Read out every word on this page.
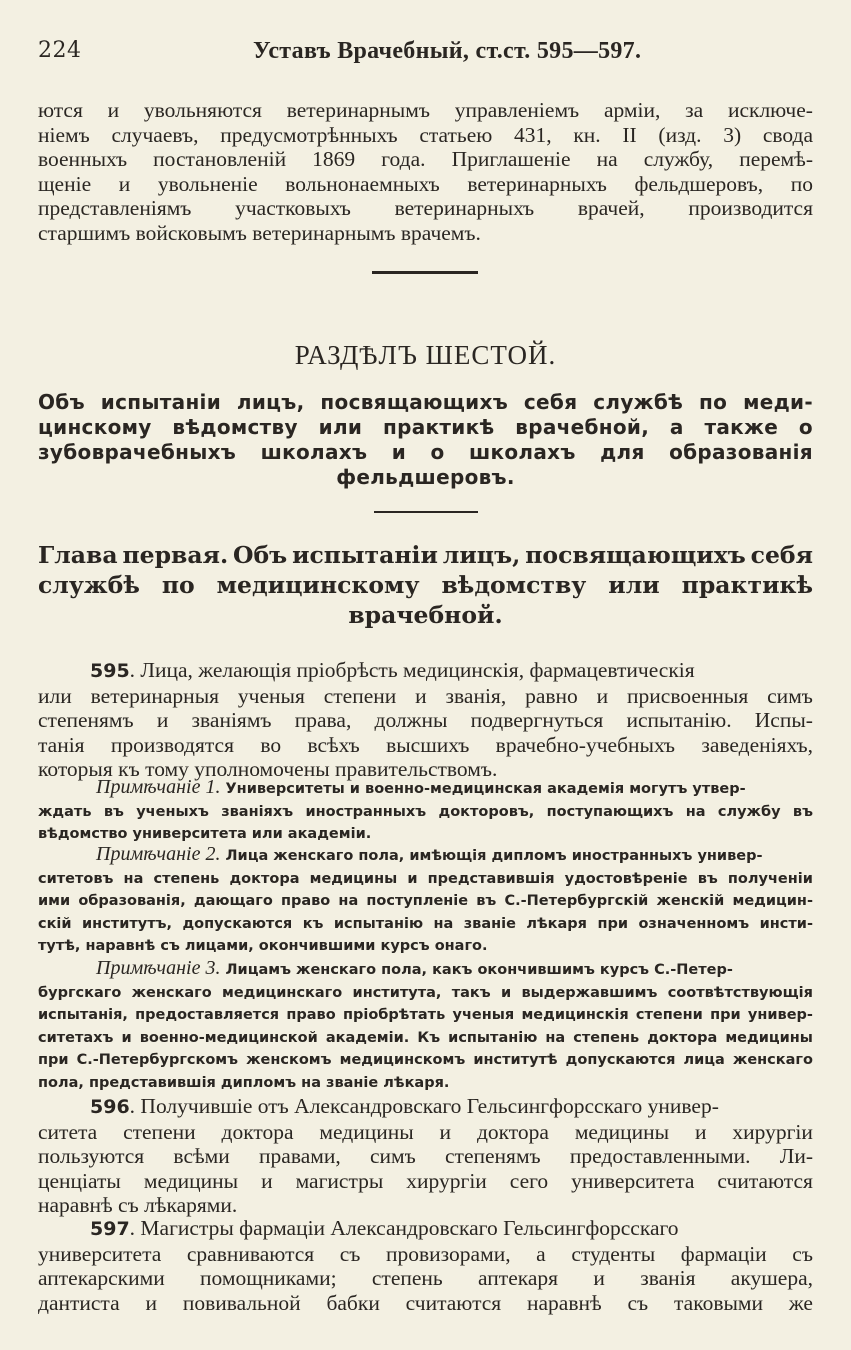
224	Уставъ Врачебный, ст.ст. 595—597.
ются и увольняются ветеринарнымъ управленіемъ арміи, за исключе-
ніемъ случаевъ, предусмотрѣнныхъ статьею 431, кн. II (изд. 3) свода
военныхъ постановленій 1869 года. Приглашеніе на службу, перемѣ-
щеніе и увольненіе вольнонаемныхъ ветеринарныхъ фельдшеровъ, по
представленіямъ участковыхъ ветеринарныхъ врачей, производится
старшимъ войсковымъ ветеринарнымъ врачемъ.
РАЗДѢЛЪ ШЕСТОЙ.
Объ испытаніи лицъ, посвящающихъ себя службѣ по меди-
цинскому вѣдомству или практикѣ врачебной, а также о
зубоврачебныхъ школахъ и о школахъ для образованія
фельдшеровъ.
Глава первая. Объ испытаніи лицъ, посвящающихъ себя
службѣ по медицинскому вѣдомству или практикѣ
врачебной.
595. Лица, желающія пріобрѣсть медицинскія, фармацевтическія
или ветеринарныя ученыя степени и званія, равно и присвоенныя симъ
степенямъ и званіямъ права, должны подвергнуться испытанію. Испы-
танія производятся во всѣхъ высшихъ врачебно-учебныхъ заведеніяхъ,
которыя къ тому уполномочены правительствомъ.
Примѣчаніе 1. Университеты и военно-медицинская академія могутъ утвер-
ждать въ ученыхъ званіяхъ иностранныхъ докторовъ, поступающихъ на службу въ
вѣдомство университета или академіи.
Примѣчаніе 2. Лица женскаго пола, имѣющія дипломъ иностранныхъ универ-
ситетовъ на степень доктора медицины и представившія удостовѣреніе въ полученіи
ими образованія, дающаго право на поступленіе въ С.-Петербургскій женскій медицин-
скій институтъ, допускаются къ испытанію на званіе лѣкаря при означенномъ инсти-
тутѣ, наравнѣ съ лицами, окончившими курсъ онаго.
Примѣчаніе 3. Лицамъ женскаго пола, какъ окончившимъ курсъ С.-Петер-
бургскаго женскаго медицинскаго института, такъ и выдержавшимъ соотвѣтствующія
испытанія, предоставляется право пріобрѣтать ученыя медицинскія степени при универ-
ситетахъ и военно-медицинской академіи. Къ испытанію на степень доктора медицины
при С.-Петербургскомъ женскомъ медицинскомъ институтѣ допускаются лица женскаго
пола, представившія дипломъ на званіе лѣкаря.
596. Получившіе отъ Александровскаго Гельсингфорсскаго универ-
ситета степени доктора медицины и доктора медицины и хирургіи
пользуются всѣми правами, симъ степенямъ предоставленными. Ли-
ценціаты медицины и магистры хирургіи сего университета считаются
наравнѣ съ лѣкарями.
597. Магистры фармаціи Александровскаго Гельсингфорсскаго
университета сравниваются съ провизорами, а студенты фармаціи съ
аптекарскими помощниками; степень аптекаря и званія акушера,
дантиста и повивальной бабки считаются наравнѣ съ таковыми же
